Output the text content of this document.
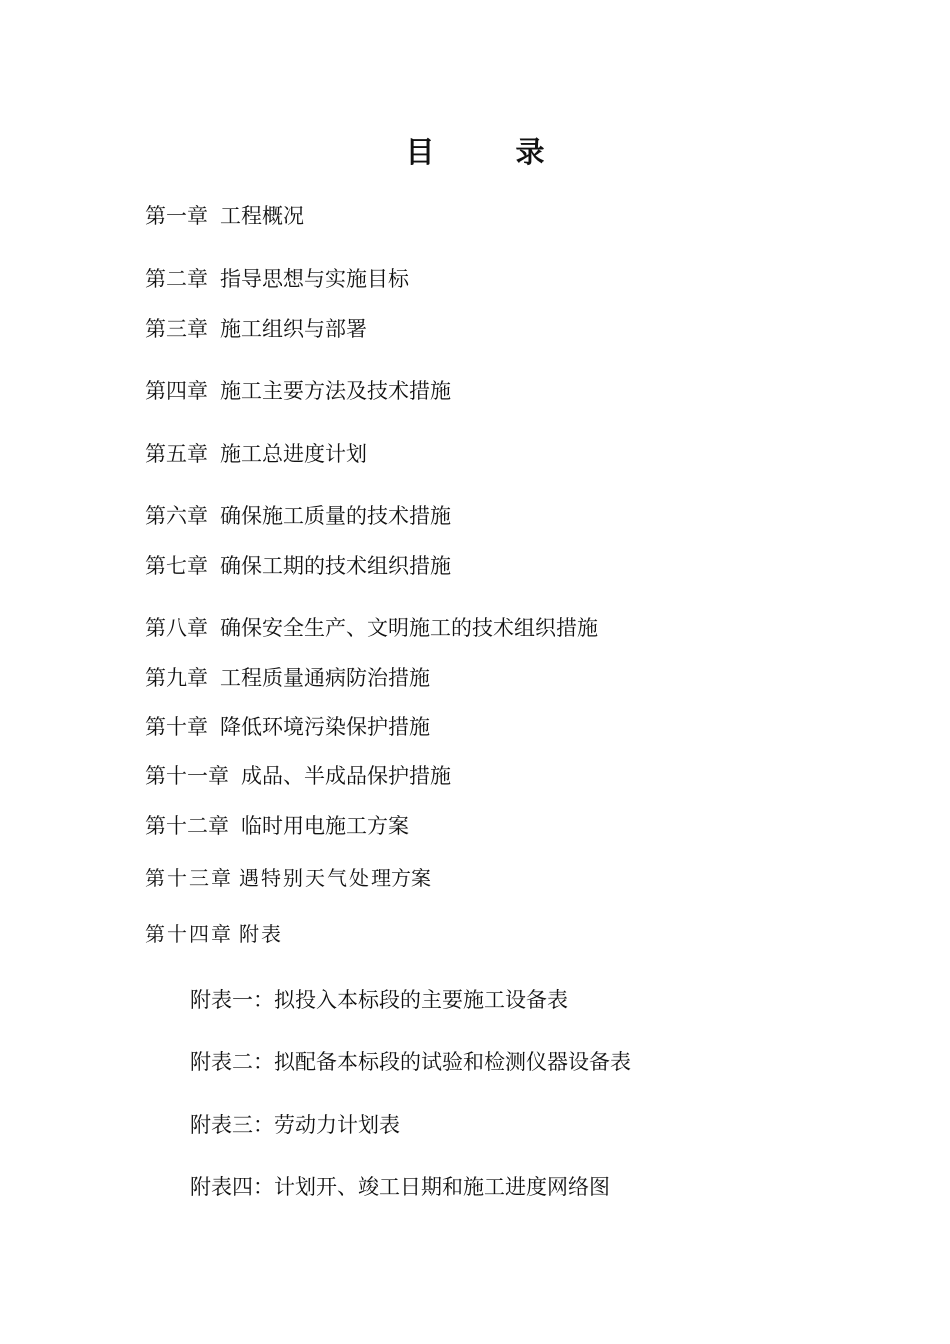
目　录
第一章 工程概况
第二章 指导思想与实施目标
第三章 施工组织与部署
第四章 施工主要方法及技术措施
第五章 施工总进度计划
第六章 确保施工质量的技术措施
第七章 确保工期的技术组织措施
第八章 确保安全生产、文明施工的技术组织措施
第九章 工程质量通病防治措施
第十章 降低环境污染保护措施
第十一章 成品、半成品保护措施
第十二章 临时用电施工方案
第十三章 遇特别天气处理方案
第十四章 附表
附表一：拟投入本标段的主要施工设备表
附表二：拟配备本标段的试验和检测仪器设备表
附表三：劳动力计划表
附表四：计划开、竣工日期和施工进度网络图
